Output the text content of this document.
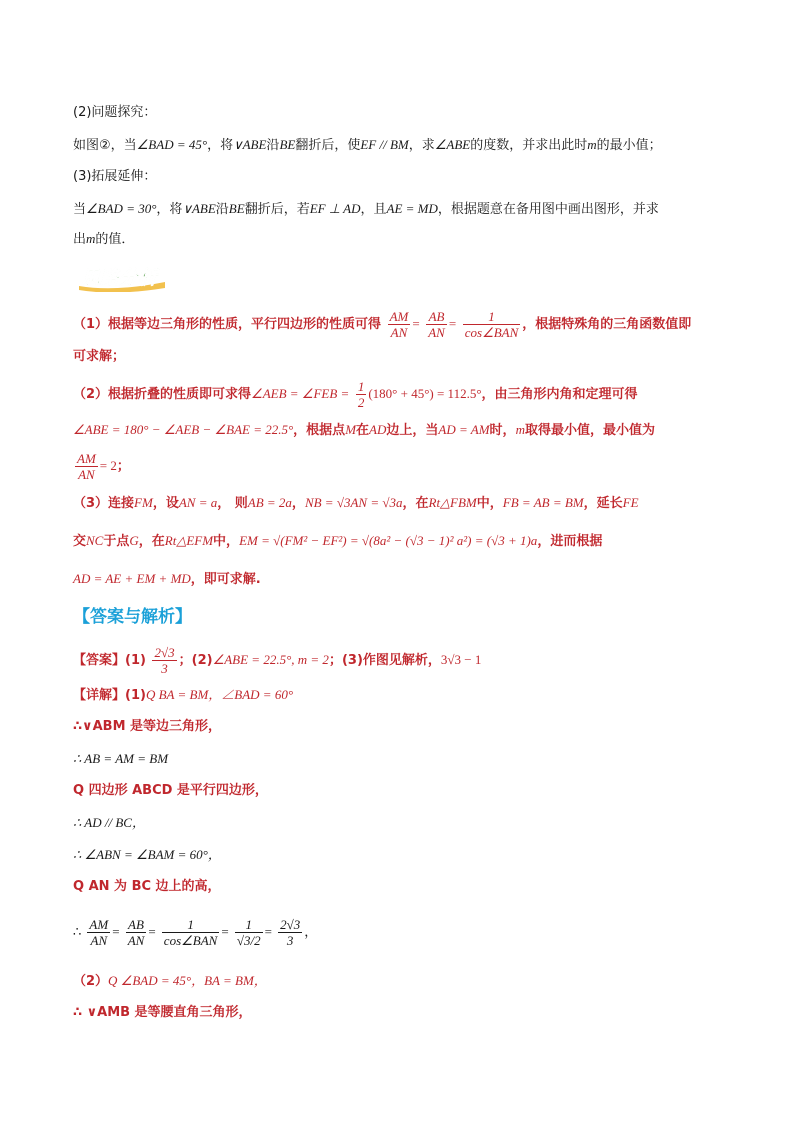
(2)问题探究：
如图②，当∠BAD = 45°，将∨ABE沿BE翻折后，使EF // BM，求∠ABE的度数，并求出此时m的最小值；
(3)拓展延伸：
当∠BAD = 30°，将∨ABE沿BE翻折后，若EF ⊥ AD，且AE = MD，根据题意在备用图中画出图形，并求
出m的值．
思路分析
（1）根据等边三角形的性质，平行四边形的性质可得 $\frac{AM}{AN} = \frac{AB}{AN} = \frac{1}{\text{cos∠BAN}}$ ，根据特殊角的三角函数值即
可求解；
（2）根据折叠的性质即可求得∠AEB = ∠FEB = $\frac{1}{2} (180^\circ + 45^\circ) = 112.5^\circ$，由三角形内角和定理可得
∠ABE = 180° − ∠AEB − ∠BAE = 22.5°，根据点M在AD边上，当AD = AM时，m取得最小值，最小值为
$\frac{AM}{AN} = 2$；
（3）连接FM，设AN = a， 则AB = 2a，NB = √3AN = √3a，在Rt△FBM中，FB = AB = BM，延长FE
交NC于点G，在Rt△EFM中，EM = √(FM² − EF²) = √(8a² − (√3 − 1)² a²) = (√3 + 1)a，进而根据
AD = AE + EM + MD，即可求解.
【答案与解析】
【答案】$(1) \frac{2√3}{3}$ ；(2)∠ABE = 22.5°, m = 2；(3)作图见解析，3√3 − 1
【详解】(1)Q BA = BM，∠BAD = 60°
∴∨ABM 是等边三角形，
∴ AB = AM = BM
Q 四边形 ABCD 是平行四边形，
∴ AD // BC，
∴ ∠ABN = ∠BAM = 60°，
Q AN 为 BC 边上的高，
∴ $\frac{AM}{AN} = \frac{AB}{AN} = \frac{1}{\text{cos∠BAN}} = \frac{1}{√3/2} = \frac{2√3}{3}$ ，
（2）Q ∠BAD = 45°，BA = BM，
∴ ∨AMB 是等腰直角三角形，
